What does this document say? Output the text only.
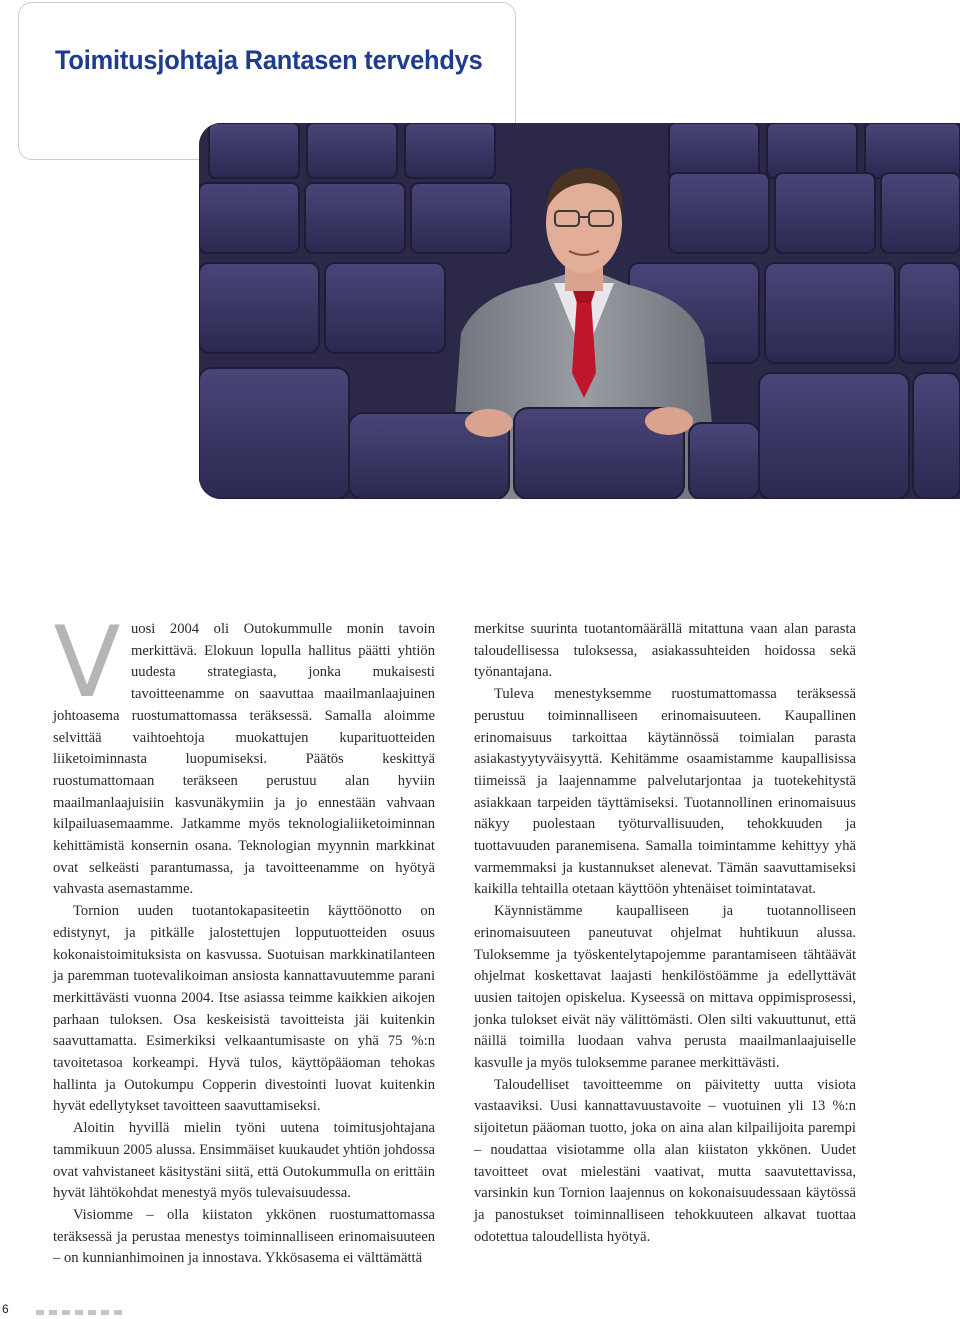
Toimitusjohtaja Rantasen tervehdys

Vuosi 2004 oli Outokummulle monin tavoin merkittävä. Elokuun lopulla hallitus päätti yhtiön uudesta strategiasta, jonka mukaisesti tavoitteenamme on saavuttaa maailmanlaajuinen johtoasema ruostumattomassa teräksessä. Samalla aloimme selvittää vaihtoehtoja muokattujen kuparituotteiden liiketoiminnasta luopumiseksi. Päätös keskittyä ruostumattomaan teräkseen perustuu alan hyviin maailmanlaajuisiin kasvunäkymiin ja jo ennestään vahvaan kilpailuasemaamme. Jatkamme myös teknologialiiketoiminnan kehittämistä konsernin osana. Teknologian myynnin markkinat ovat selkeästi parantumassa, ja tavoitteenamme on hyötyä vahvasta asemastamme.

Tornion uuden tuotantokapasiteetin käyttöönotto on edistynyt, ja pitkälle jalostettujen lopputuotteiden osuus kokonaistoimituksista on kasvussa. Suotuisan markkinatilanteen ja paremman tuotevalikoiman ansiosta kannattavuutemme parani merkittävästi vuonna 2004. Itse asiassa teimme kaikkien aikojen parhaan tuloksen. Osa keskeisistä tavoitteista jäi kuitenkin saavuttamatta. Esimerkiksi velkaantumisaste on yhä 75 %:n tavoitetasoa korkeampi. Hyvä tulos, käyttöpääoman tehokas hallinta ja Outokumpu Copperin divestointi luovat kuitenkin hyvät edellytykset tavoitteen saavuttamiseksi.

Aloitin hyvillä mielin työni uutena toimitusjohtajana tammikuun 2005 alussa. Ensimmäiset kuukaudet yhtiön johdossa ovat vahvistaneet käsitystäni siitä, että Outokummulla on erittäin hyvät lähtökohdat menestyä myös tulevaisuudessa.

Visiomme – olla kiistaton ykkönen ruostumattomassa teräksessä ja perustaa menestys toiminnalliseen erinomaisuuteen – on kunnianhimoinen ja innostava. Ykkösasema ei välttämättä

merkitse suurinta tuotantomäärällä mitattuna vaan alan parasta taloudellisessa tuloksessa, asiakassuhteiden hoidossa sekä työnantajana.

Tuleva menestyksemme ruostumattomassa teräksessä perustuu toiminnalliseen erinomaisuuteen. Kaupallinen erinomaisuus tarkoittaa käytännössä toimialan parasta asiakastyytyväisyyttä. Kehitämme osaamistamme kaupallisissa tiimeissä ja laajennamme palvelutarjontaa ja tuotekehitystä asiakkaan tarpeiden täyttämiseksi. Tuotannollinen erinomaisuus näkyy puolestaan työturvallisuuden, tehokkuuden ja tuottavuuden paranemisena. Samalla toimintamme kehittyy yhä varmemmaksi ja kustannukset alenevat. Tämän saavuttamiseksi kaikilla tehtailla otetaan käyttöön yhtenäiset toimintatavat.

Käynnistämme kaupalliseen ja tuotannolliseen erinomaisuuteen paneutuvat ohjelmat huhtikuun alussa. Tuloksemme ja työskentelytapojemme parantamiseen tähtäävät ohjelmat koskettavat laajasti henkilöstöämme ja edellyttävät uusien taitojen opiskelua. Kyseessä on mittava oppimisprosessi, jonka tulokset eivät näy välittömästi. Olen silti vakuuttunut, että näillä toimilla luodaan vahva perusta maailmanlaajuiselle kasvulle ja myös tuloksemme paranee merkittävästi.

Taloudelliset tavoitteemme on päivitetty uutta visiota vastaaviksi. Uusi kannattavuustavoite – vuotuinen yli 13 %:n sijoitetun pääoman tuotto, joka on aina alan kilpailijoita parempi – noudattaa visiotamme olla alan kiistaton ykkönen. Uudet tavoitteet ovat mielestäni vaativat, mutta saavutettavissa, varsinkin kun Tornion laajennus on kokonaisuudessaan käytössä ja panostukset toiminnalliseen tehokkuuteen alkavat tuottaa odotettua taloudellista hyötyä.

6
